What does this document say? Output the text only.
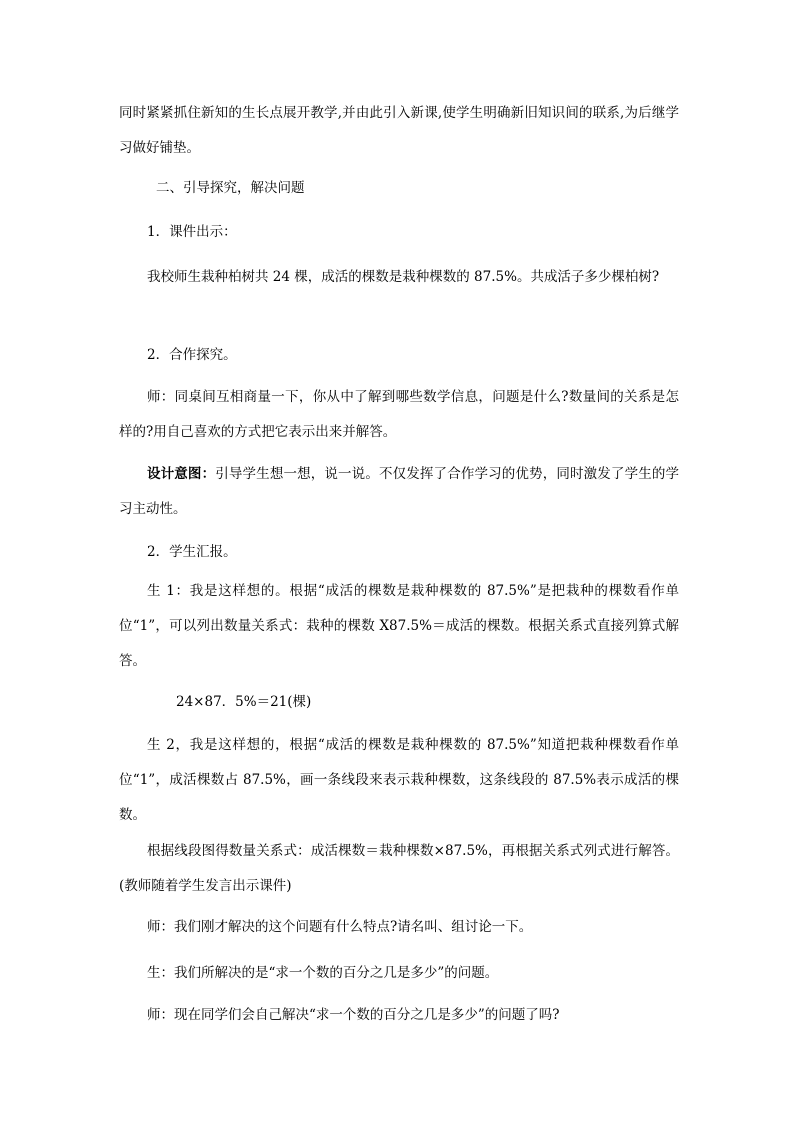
同时紧紧抓住新知的生长点展开教学,并由此引入新课,使学生明确新旧知识间的联系,为后继学习做好铺垫。

二、引导探究，解决问题

1．课件出示：

我校师生栽种柏树共 24 棵，成活的棵数是栽种棵数的 87.5%。共成活子多少棵柏树?

2．合作探究。

师：同桌间互相商量一下，你从中了解到哪些数学信息，问题是什么?数量间的关系是怎样的?用自己喜欢的方式把它表示出来并解答。

设计意图：引导学生想一想，说一说。不仅发挥了合作学习的优势，同时激发了学生的学习主动性。

2．学生汇报。

生 1：我是这样想的。根据“成活的棵数是栽种棵数的 87.5%”是把栽种的棵数看作单位“1”，可以列出数量关系式：栽种的棵数 X87.5%＝成活的棵数。根据关系式直接列算式解答。

24×87．5%＝21(棵)

生 2，我是这样想的，根据“成活的棵数是栽种棵数的 87.5%”知道把栽种棵数看作单位“1”，成活棵数占 87.5%，画一条线段来表示栽种棵数，这条线段的 87.5%表示成活的棵数。

根据线段图得数量关系式：成活棵数＝栽种棵数×87.5%，再根据关系式列式进行解答。(教师随着学生发言出示课件)

师：我们刚才解决的这个问题有什么特点?请名叫、组讨论一下。

生：我们所解决的是“求一个数的百分之几是多少”的问题。

师：现在同学们会自己解决“求一个数的百分之几是多少”的问题了吗?
